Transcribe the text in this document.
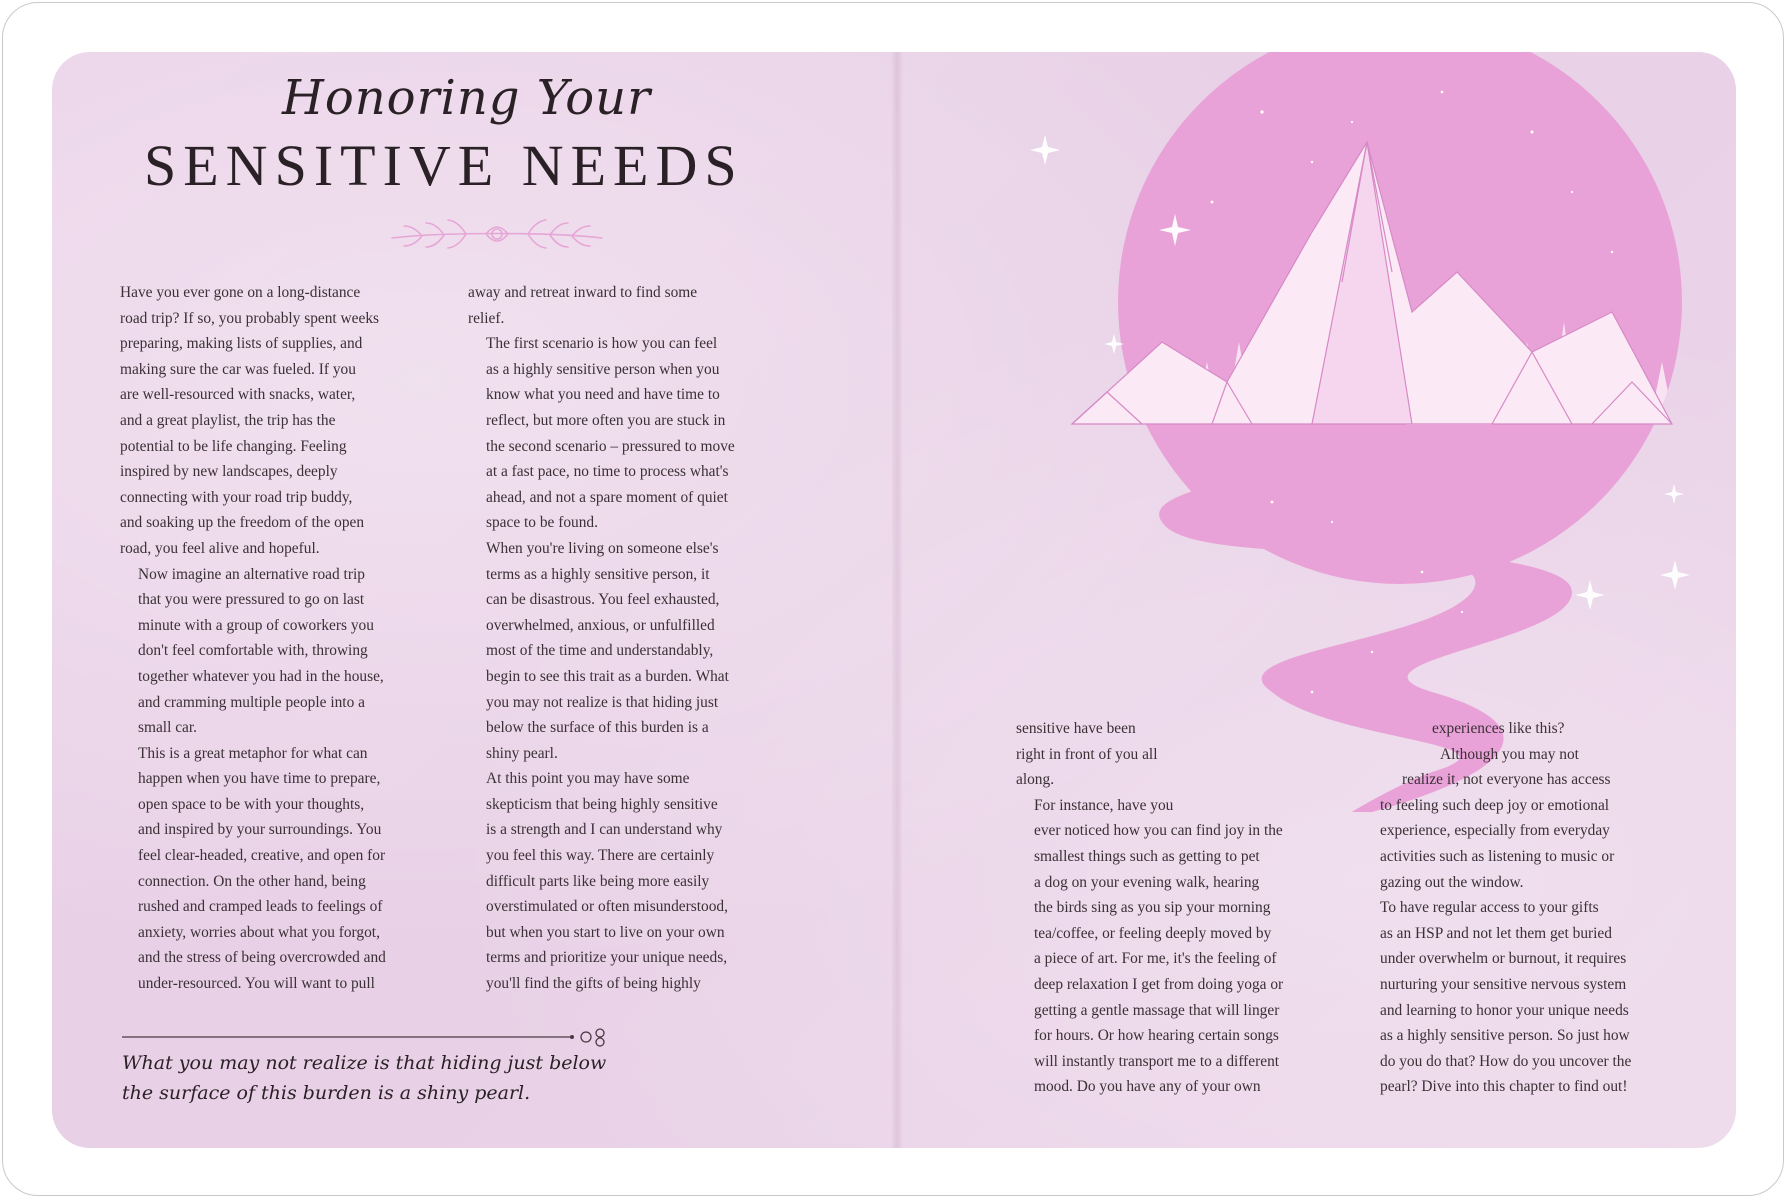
Honoring Your
SENSITIVE NEEDS

Have you ever gone on a long-distance
road trip? If so, you probably spent weeks
preparing, making lists of supplies, and
making sure the car was fueled. If you
are well-resourced with snacks, water,
and a great playlist, the trip has the
potential to be life changing. Feeling
inspired by new landscapes, deeply
connecting with your road trip buddy,
and soaking up the freedom of the open
road, you feel alive and hopeful.

Now imagine an alternative road trip
that you were pressured to go on last
minute with a group of coworkers you
don't feel comfortable with, throwing
together whatever you had in the house,
and cramming multiple people into a
small car.

This is a great metaphor for what can
happen when you have time to prepare,
open space to be with your thoughts,
and inspired by your surroundings. You
feel clear-headed, creative, and open for
connection. On the other hand, being
rushed and cramped leads to feelings of
anxiety, worries about what you forgot,
and the stress of being overcrowded and
under-resourced. You will want to pull

away and retreat inward to find some
relief.

The first scenario is how you can feel
as a highly sensitive person when you
know what you need and have time to
reflect, but more often you are stuck in
the second scenario – pressured to move
at a fast pace, no time to process what's
ahead, and not a spare moment of quiet
space to be found.

When you're living on someone else's
terms as a highly sensitive person, it
can be disastrous. You feel exhausted,
overwhelmed, anxious, or unfulfilled
most of the time and understandably,
begin to see this trait as a burden. What
you may not realize is that hiding just
below the surface of this burden is a
shiny pearl.

At this point you may have some
skepticism that being highly sensitive
is a strength and I can understand why
you feel this way. There are certainly
difficult parts like being more easily
overstimulated or often misunderstood,
but when you start to live on your own
terms and prioritize your unique needs,
you'll find the gifts of being highly

What you may not realize is that hiding just below
the surface of this burden is a shiny pearl.

sensitive have been
right in front of you all
along.

For instance, have you
ever noticed how you can find joy in the
smallest things such as getting to pet
a dog on your evening walk, hearing
the birds sing as you sip your morning
tea/coffee, or feeling deeply moved by
a piece of art. For me, it's the feeling of
deep relaxation I get from doing yoga or
getting a gentle massage that will linger
for hours. Or how hearing certain songs
will instantly transport me to a different
mood. Do you have any of your own

experiences like this?

Although you may not
realize it, not everyone has access
to feeling such deep joy or emotional
experience, especially from everyday
activities such as listening to music or
gazing out the window.

To have regular access to your gifts
as an HSP and not let them get buried
under overwhelm or burnout, it requires
nurturing your sensitive nervous system
and learning to honor your unique needs
as a highly sensitive person. So just how
do you do that? How do you uncover the
pearl? Dive into this chapter to find out!
